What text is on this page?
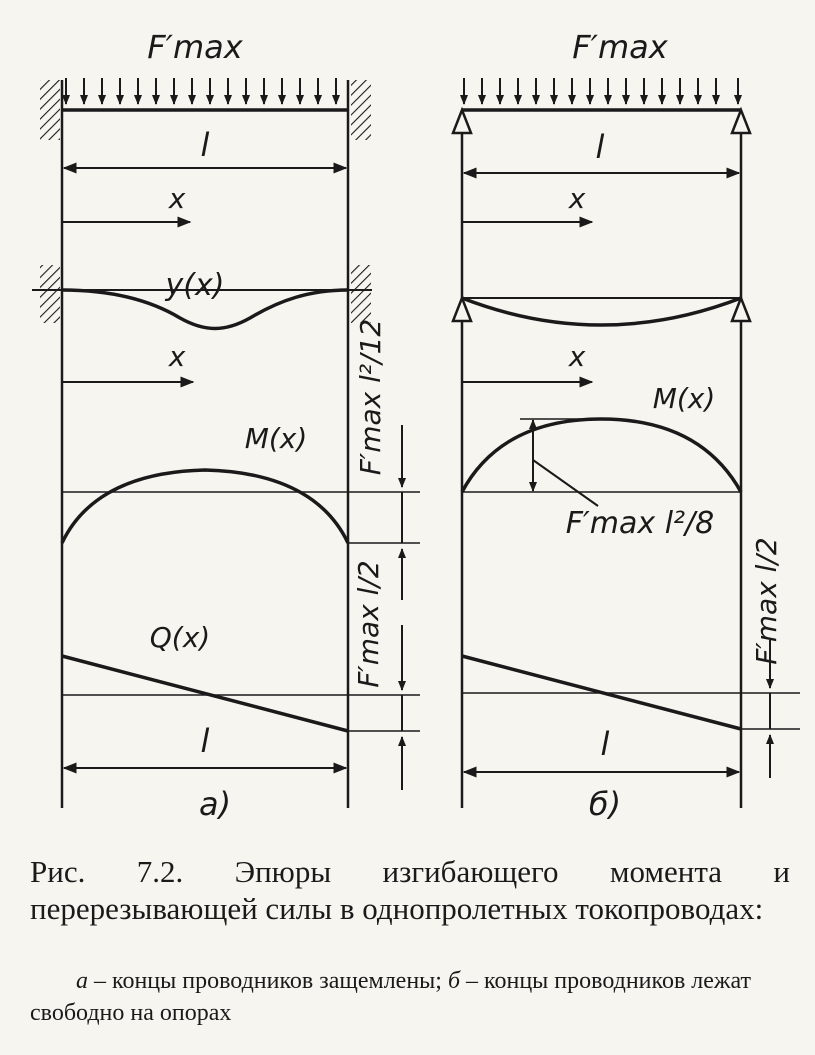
F′max
l
x
y(x)
x
M(x) F′max l²/12
Q(x)	F′max l/2
l
а)
F′max
l
x
x
M(x)
F′max l²/8
F′max l/2
l
б)
Рис. 7.2. Эпюры изгибающего момента и перерезывающей силы в однопролетных токопроводах:
а – концы проводников защемлены; б – концы проводников лежат свободно на опорах
